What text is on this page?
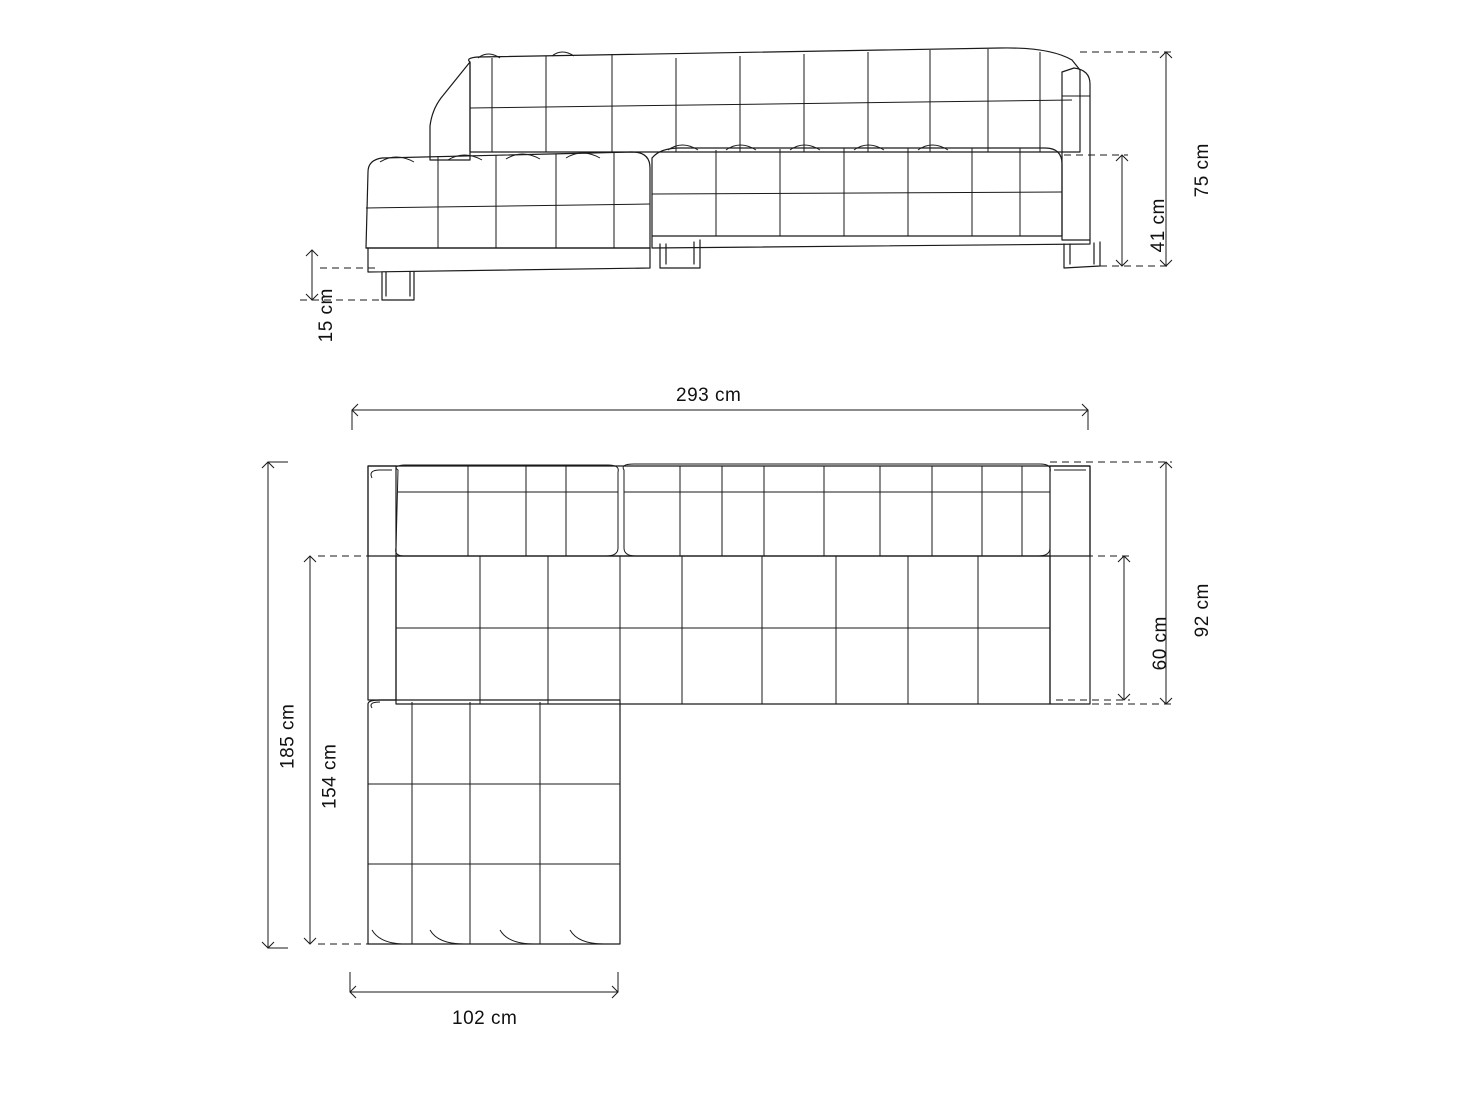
75 cm
41 cm
15 cm
293 cm
185 cm
154 cm
92 cm
60 cm
102 cm
